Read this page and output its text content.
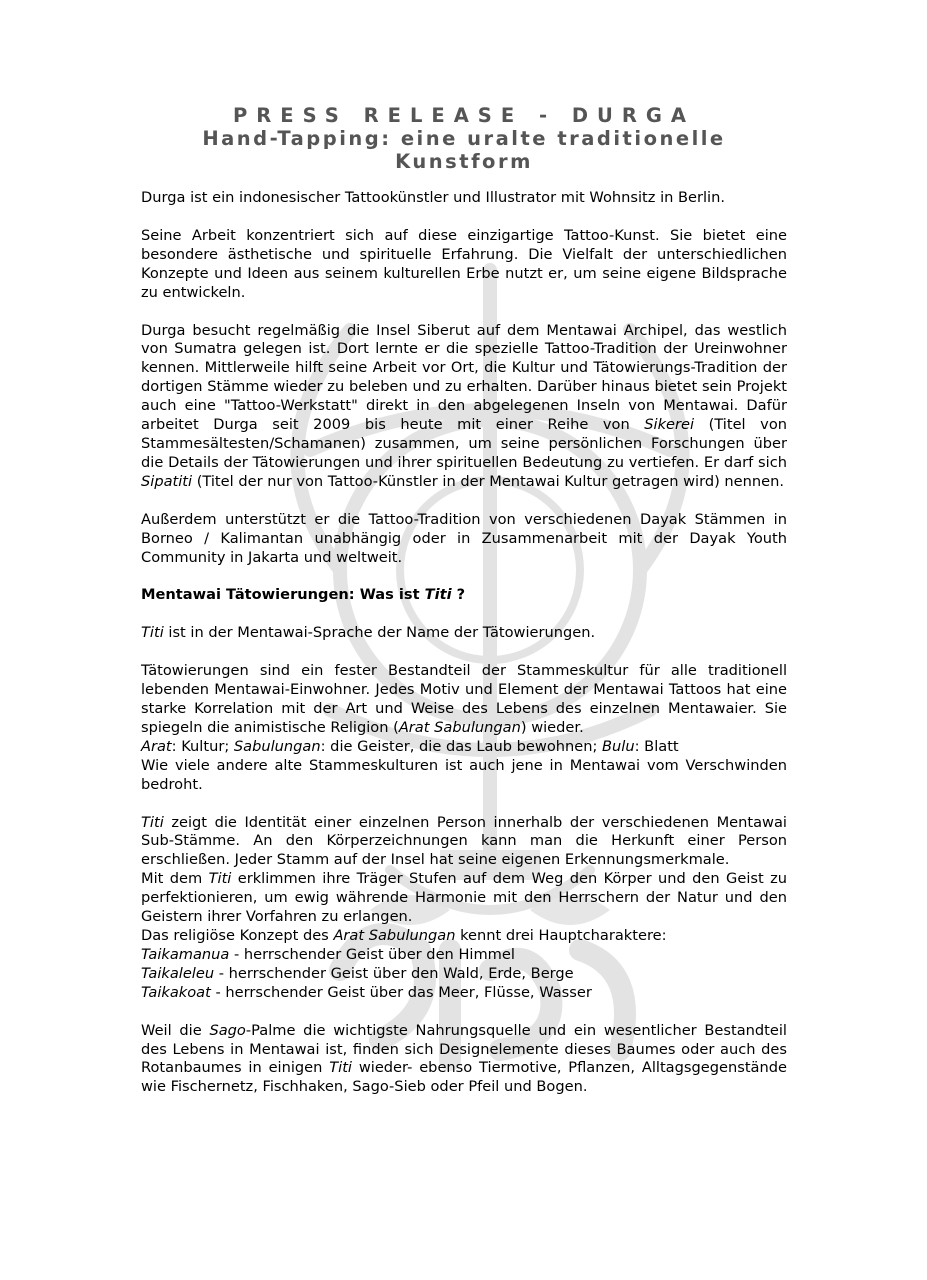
PRESS RELEASE - DURGA
Hand-Tapping: eine uralte traditionelle
Kunstform

Durga ist ein indonesischer Tattookünstler und Illustrator mit Wohnsitz in Berlin.

Seine Arbeit konzentriert sich auf diese einzigartige Tattoo-Kunst. Sie bietet eine besondere ästhetische und spirituelle Erfahrung. Die Vielfalt der unterschiedlichen Konzepte und Ideen aus seinem kulturellen Erbe nutzt er, um seine eigene Bildsprache zu entwickeln.

Durga besucht regelmäßig die Insel Siberut auf dem Mentawai Archipel, das westlich von Sumatra gelegen ist. Dort lernte er die spezielle Tattoo-Tradition der Ureinwohner kennen. Mittlerweile hilft seine Arbeit vor Ort, die Kultur und Tätowierungs-Tradition der dortigen Stämme wieder zu beleben und zu erhalten. Darüber hinaus bietet sein Projekt auch eine "Tattoo-Werkstatt" direkt in den abgelegenen Inseln von Mentawai. Dafür arbeitet Durga seit 2009 bis heute mit einer Reihe von Sikerei (Titel von Stammesältesten/Schamanen) zusammen, um seine persönlichen Forschungen über die Details der Tätowierungen und ihrer spirituellen Bedeutung zu vertiefen. Er darf sich Sipatiti (Titel der nur von Tattoo-Künstler in der Mentawai Kultur getragen wird) nennen.

Außerdem unterstützt er die Tattoo-Tradition von verschiedenen Dayak Stämmen in Borneo / Kalimantan unabhängig oder in Zusammenarbeit mit der Dayak Youth Community in Jakarta und weltweit.

Mentawai Tätowierungen: Was ist Titi ?

Titi ist in der Mentawai-Sprache der Name der Tätowierungen.

Tätowierungen sind ein fester Bestandteil der Stammeskultur für alle traditionell lebenden Mentawai-Einwohner. Jedes Motiv und Element der Mentawai Tattoos hat eine starke Korrelation mit der Art und Weise des Lebens des einzelnen Mentawaier. Sie spiegeln die animistische Religion (Arat Sabulungan) wieder.
Arat: Kultur; Sabulungan: die Geister, die das Laub bewohnen; Bulu: Blatt
Wie viele andere alte Stammeskulturen ist auch jene in Mentawai vom Verschwinden bedroht.

Titi zeigt die Identität einer einzelnen Person innerhalb der verschiedenen Mentawai Sub-Stämme. An den Körperzeichnungen kann man die Herkunft einer Person erschließen. Jeder Stamm auf der Insel hat seine eigenen Erkennungsmerkmale.
Mit dem Titi erklimmen ihre Träger Stufen auf dem Weg den Körper und den Geist zu perfektionieren, um ewig währende Harmonie mit den Herrschern der Natur und den Geistern ihrer Vorfahren zu erlangen.
Das religiöse Konzept des Arat Sabulungan kennt drei Hauptcharaktere:
Taikamanua - herrschender Geist über den Himmel
Taikaleleu - herrschender Geist über den Wald, Erde, Berge
Taikakoat - herrschender Geist über das Meer, Flüsse, Wasser

Weil die Sago-Palme die wichtigste Nahrungsquelle und ein wesentlicher Bestandteil des Lebens in Mentawai ist, finden sich Designelemente dieses Baumes oder auch des Rotanbaumes in einigen Titi wieder- ebenso Tiermotive, Pflanzen, Alltagsgegenstände wie Fischernetz, Fischhaken, Sago-Sieb oder Pfeil und Bogen.
